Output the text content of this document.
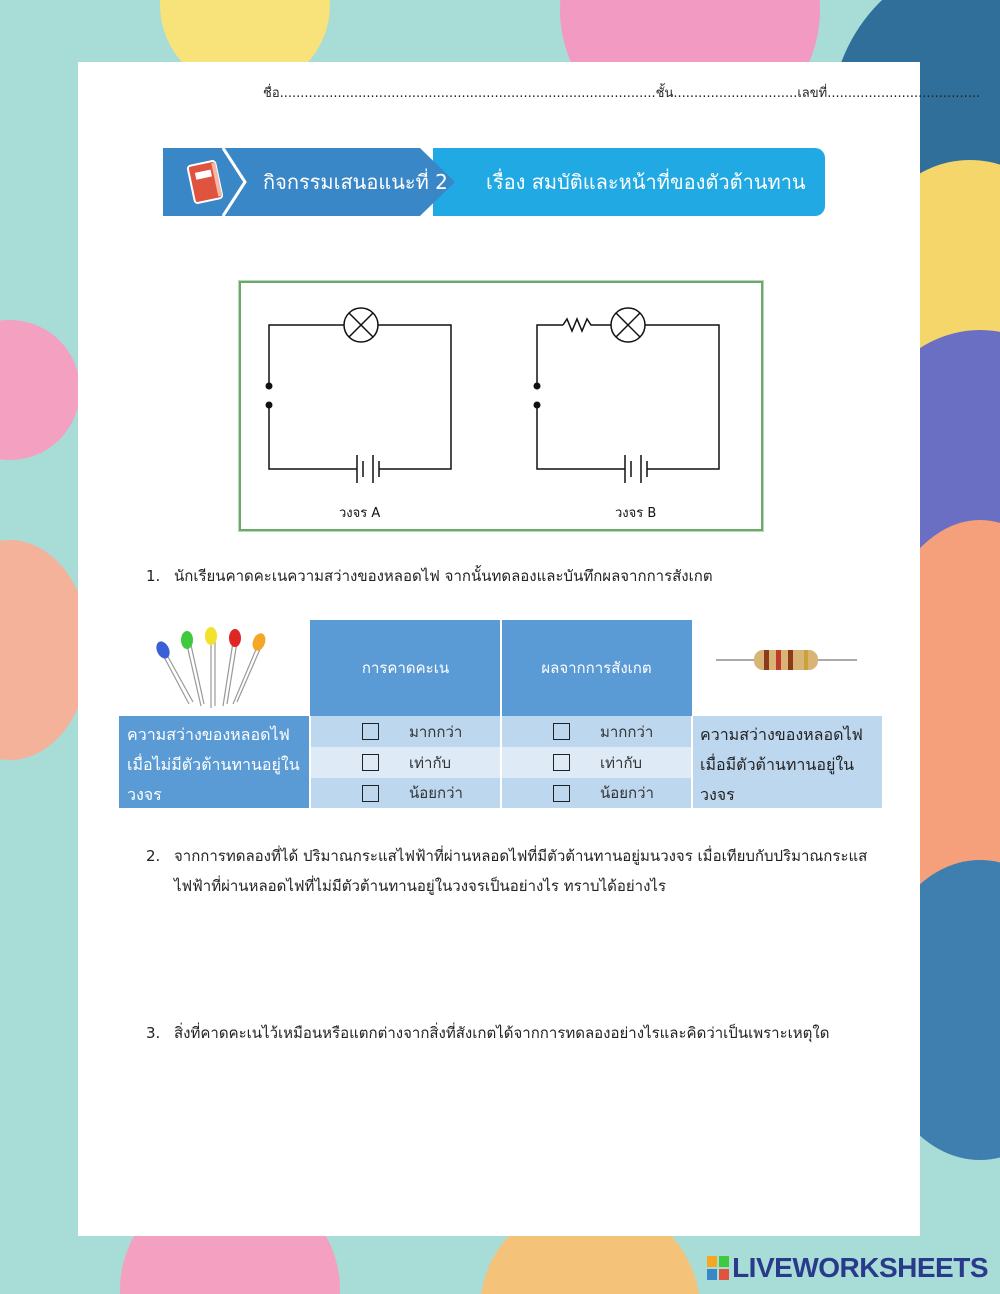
ชื่อ...........................................................................................ชั้น..............................เลขที่.....................................
กิจกรรมเสนอแนะที่ 2 เรื่อง สมบัติและหน้าที่ของตัวต้านทาน
วงจร A	วงจร B
1. นักเรียนคาดคะเนความสว่างของหลอดไฟ จากนั้นทดลองและบันทึกผลจากการสังเกต
การคาดคะเน	ผลจากการสังเกต
ความสว่างของหลอดไฟเมื่อไม่มีตัวต้านทานอยู่ในวงจร
มากกว่า
เท่ากับ
น้อยกว่า
มากกว่า
เท่ากับ
น้อยกว่า
ความสว่างของหลอดไฟเมื่อมีตัวต้านทานอยู่ในวงจร
2. จากการทดลองที่ได้ ปริมาณกระแสไฟฟ้าที่ผ่านหลอดไฟที่มีตัวต้านทานอยู่มนวงจร เมื่อเทียบกับปริมาณกระแสไฟฟ้าที่ผ่านหลอดไฟที่ไม่มีตัวต้านทานอยู่ในวงจรเป็นอย่างไร ทราบได้อย่างไร
3. สิ่งที่คาดคะเนไว้เหมือนหรือแตกต่างจากสิ่งที่สังเกตได้จากการทดลองอย่างไรและคิดว่าเป็นเพราะเหตุใด
LIVEWORKSHEETS
